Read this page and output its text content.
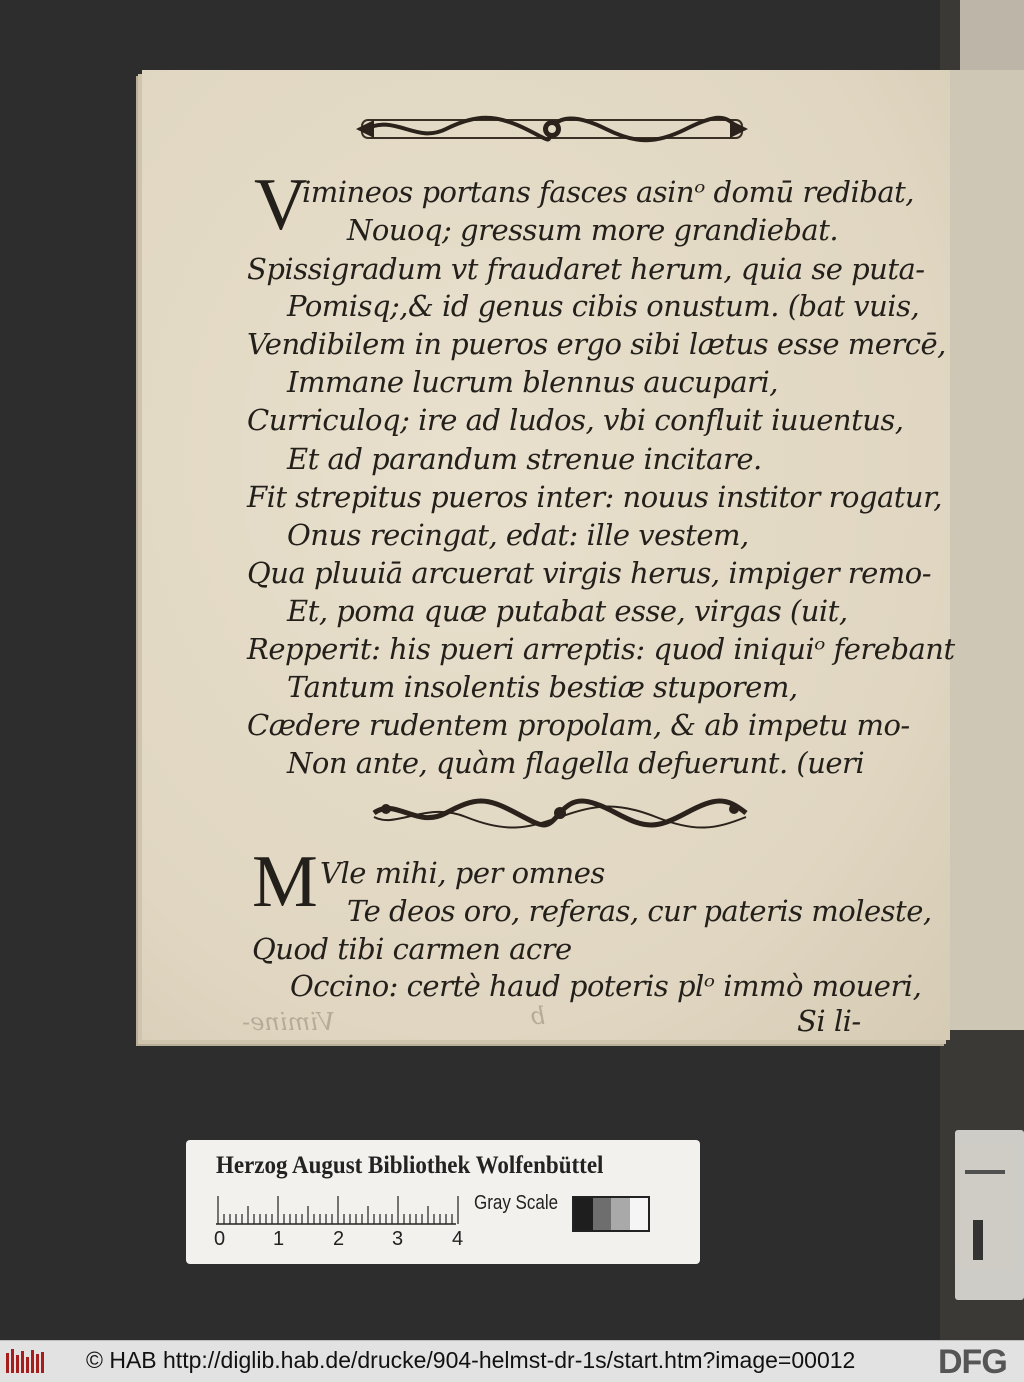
V
imineos portans fasces asinᵒ domū redibat,
Nouoq; gressum more grandiebat.
Spissigradum vt fraudaret herum, quia se puta-
Pomisq;,& id genus cibis onustum. (bat vuis,
Vendibilem in pueros ergo sibi lætus esse mercē,
Immane lucrum blennus aucupari,
Curriculoq; ire ad ludos, vbi confluit iuuentus,
Et ad parandum strenue incitare.
Fit strepitus pueros inter: nouus institor rogatur,
Onus recingat, edat: ille vestem,
Qua pluuiā arcuerat virgis herus, impiger remo-
Et, poma quæ putabat esse, virgas (uit,
Repperit: his pueri arreptis: quod iniquiᵒ ferebant
Tantum insolentis bestiæ stuporem,
Cædere rudentem propolam, & ab impetu mo-
Non ante, quàm flagella defuerunt. (ueri
M Vle mihi, per omnes
Te deos oro, referas, cur pateris moleste,
Quod tibi carmen acre
Occino: certè haud poteris plᵒ immò moueri,
Vimine-	b	Si li-
Herzog August Bibliothek Wolfenbüttel
0 1 2 3 4
Gray Scale
© HAB http://diglib.hab.de/drucke/904-helmst-dr-1s/start.htm?image=00012 DFG
